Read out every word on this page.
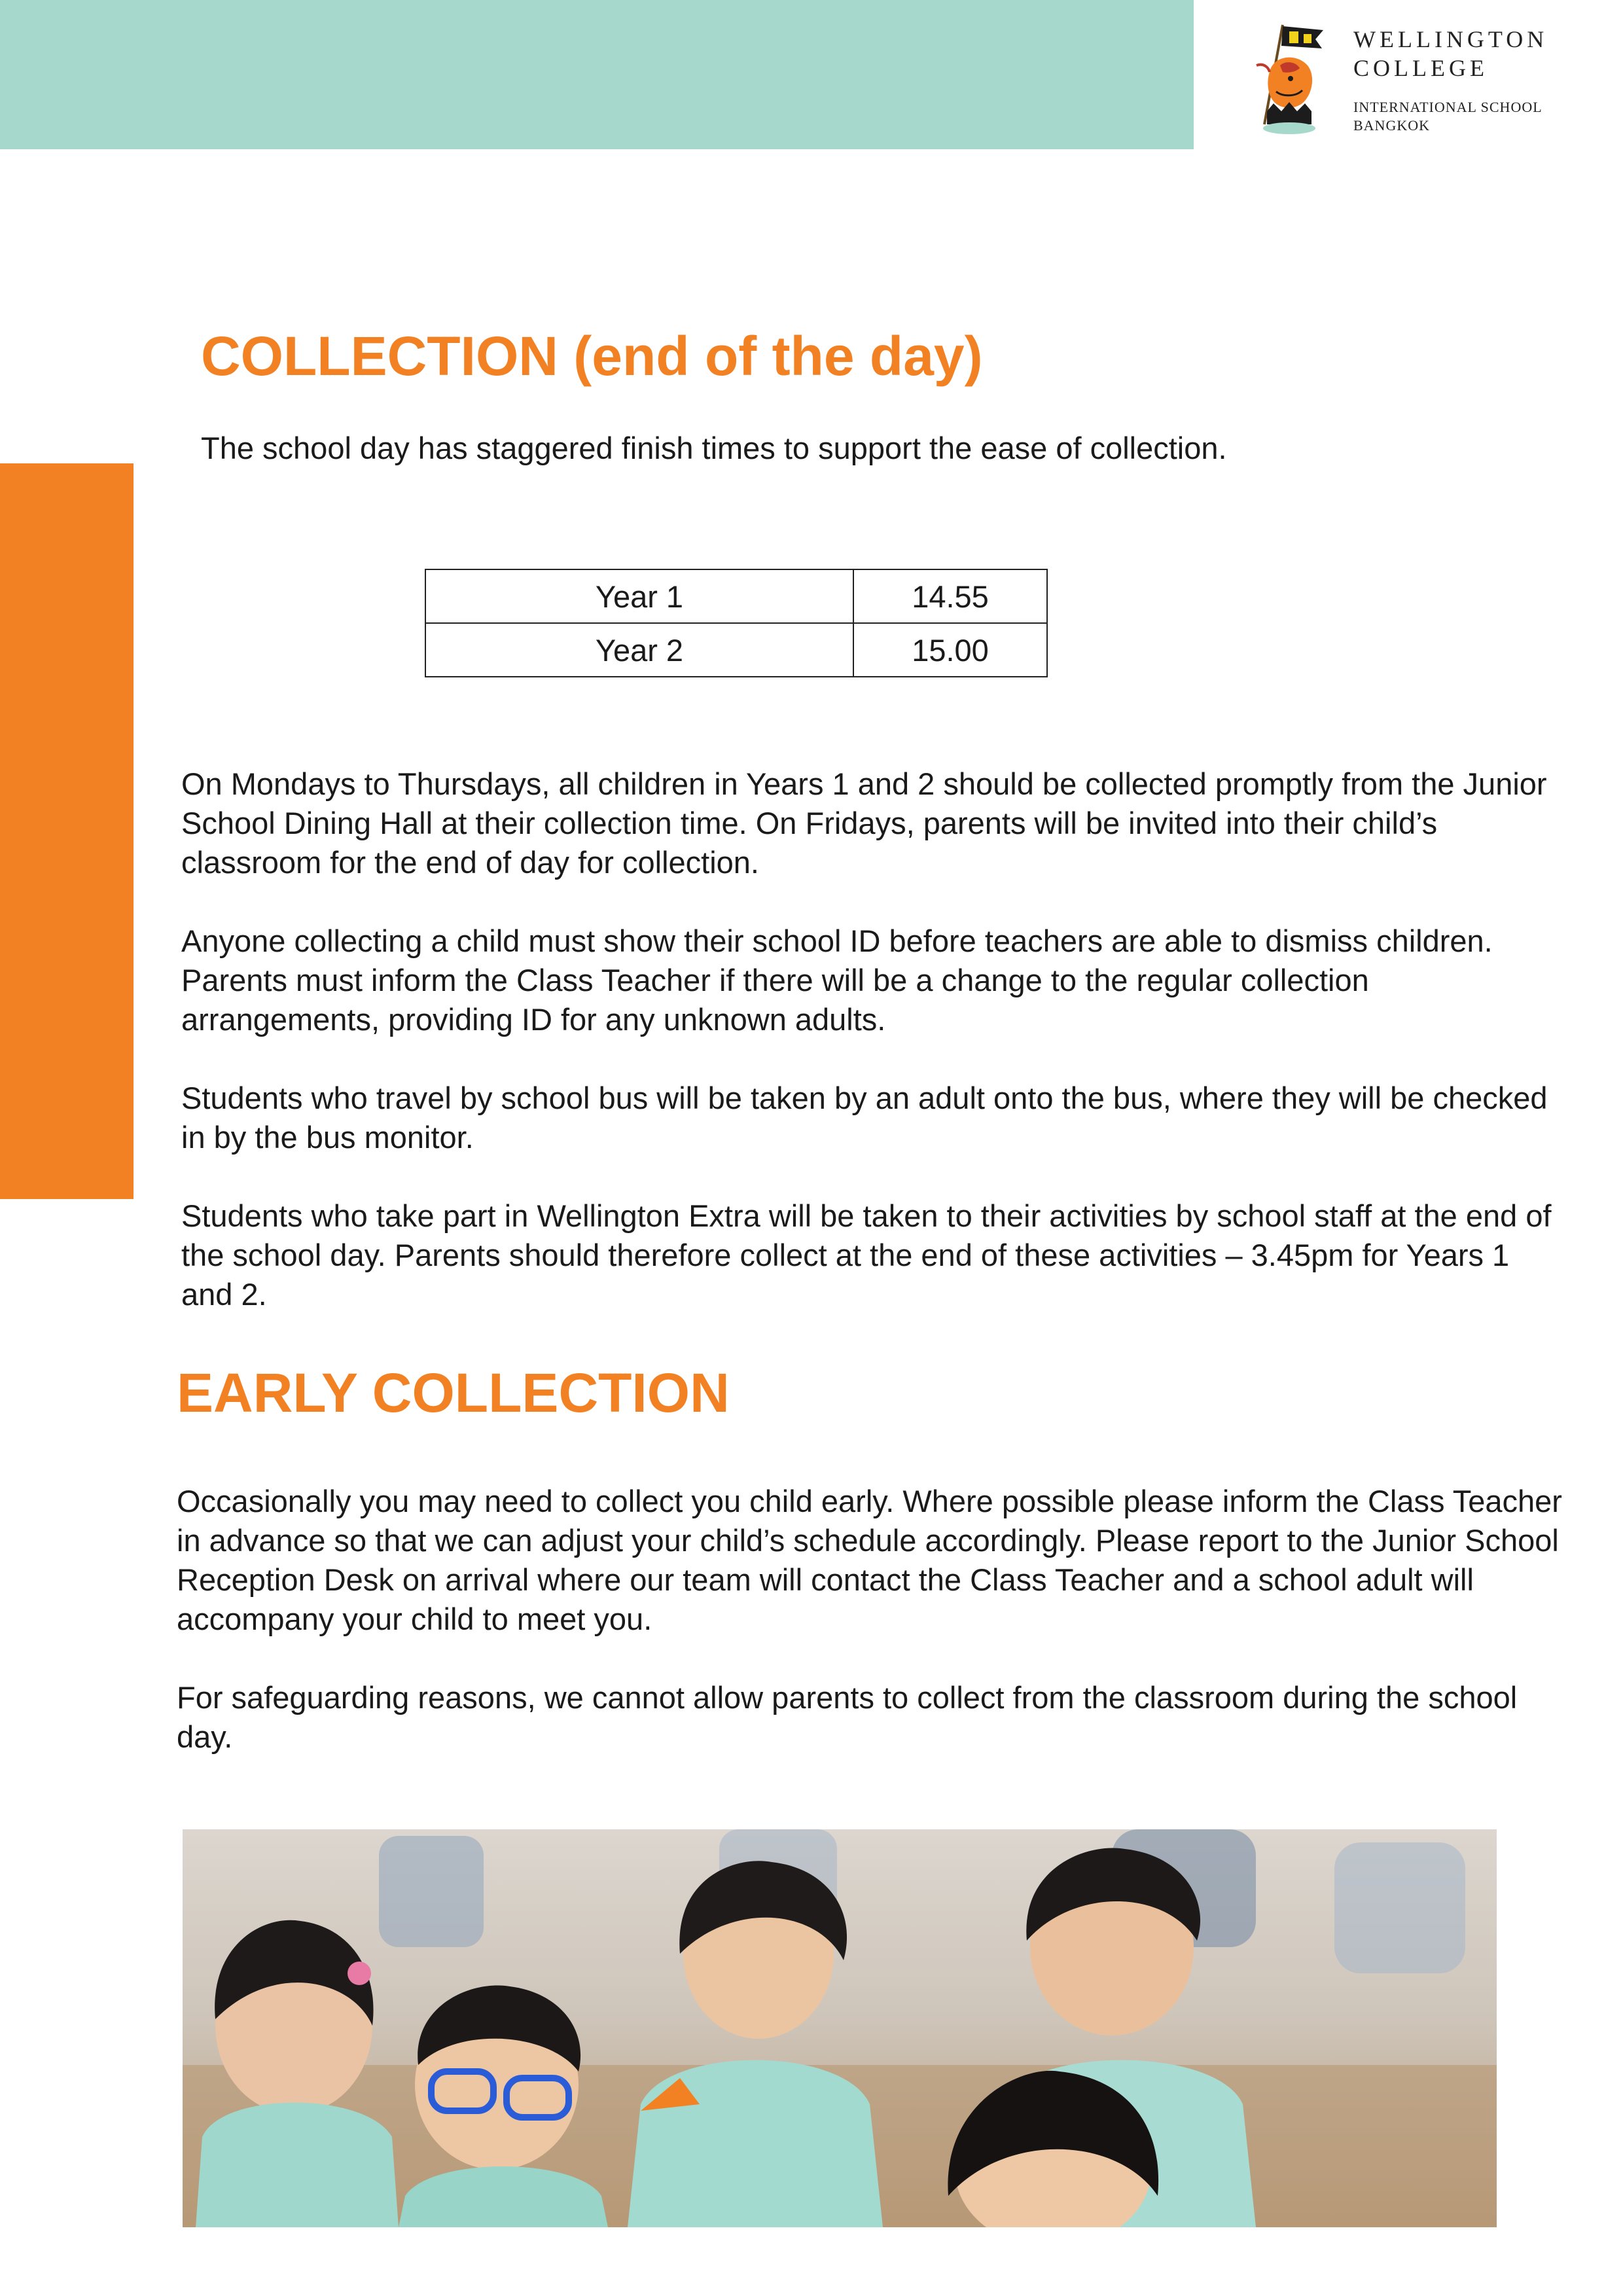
WELLINGTON
COLLEGE
INTERNATIONAL SCHOOL
BANGKOK
COLLECTION (end of the day)

The school day has staggered finish times to support the ease of collection.

Year 1	14.55
Year 2	15.00

On Mondays to Thursdays, all children in Years 1 and 2 should be collected promptly from the Junior School Dining Hall at their collection time. On Fridays, parents will be invited into their child’s classroom for the end of day for collection.

Anyone collecting a child must show their school ID before teachers are able to dismiss children. Parents must inform the Class Teacher if there will be a change to the regular collection arrangements, providing ID for any unknown adults.

Students who travel by school bus will be taken by an adult onto the bus, where they will be checked in by the bus monitor.

Students who take part in Wellington Extra will be taken to their activities by school staff at the end of the school day. Parents should therefore collect at the end of these activities – 3.45pm for Years 1 and 2.

EARLY COLLECTION

Occasionally you may need to collect you child early. Where possible please inform the Class Teacher in advance so that we can adjust your child’s schedule accordingly. Please report to the Junior School Reception Desk on arrival where our team will contact the Class Teacher and a school adult will accompany your child to meet you.

For safeguarding reasons, we cannot allow parents to collect from the classroom during the school day.
